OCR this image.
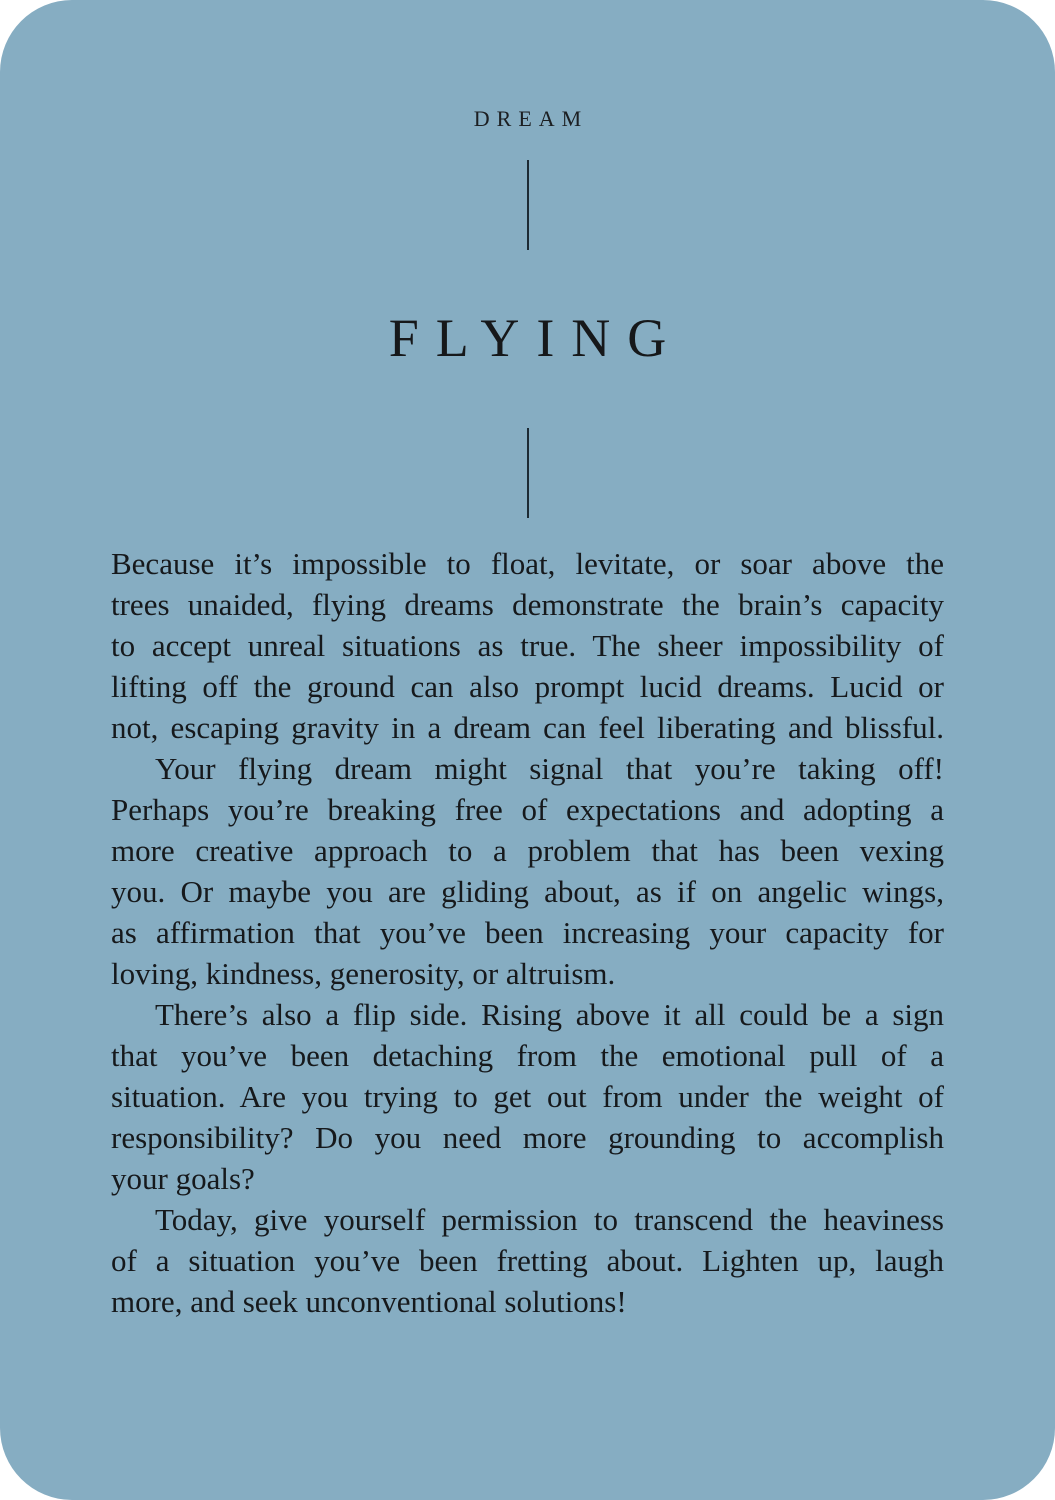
DREAM
FLYING
Because it’s impossible to float, levitate, or soar above the
trees unaided, flying dreams demonstrate the brain’s capacity
to accept unreal situations as true. The sheer impossibility of
lifting off the ground can also prompt lucid dreams. Lucid or
not, escaping gravity in a dream can feel liberating and blissful.
Your flying dream might signal that you’re taking off!
Perhaps you’re breaking free of expectations and adopting a
more creative approach to a problem that has been vexing
you. Or maybe you are gliding about, as if on angelic wings,
as affirmation that you’ve been increasing your capacity for
loving, kindness, generosity, or altruism.
There’s also a flip side. Rising above it all could be a sign
that you’ve been detaching from the emotional pull of a
situation. Are you trying to get out from under the weight of
responsibility? Do you need more grounding to accomplish
your goals?
Today, give yourself permission to transcend the heaviness
of a situation you’ve been fretting about. Lighten up, laugh
more, and seek unconventional solutions!
